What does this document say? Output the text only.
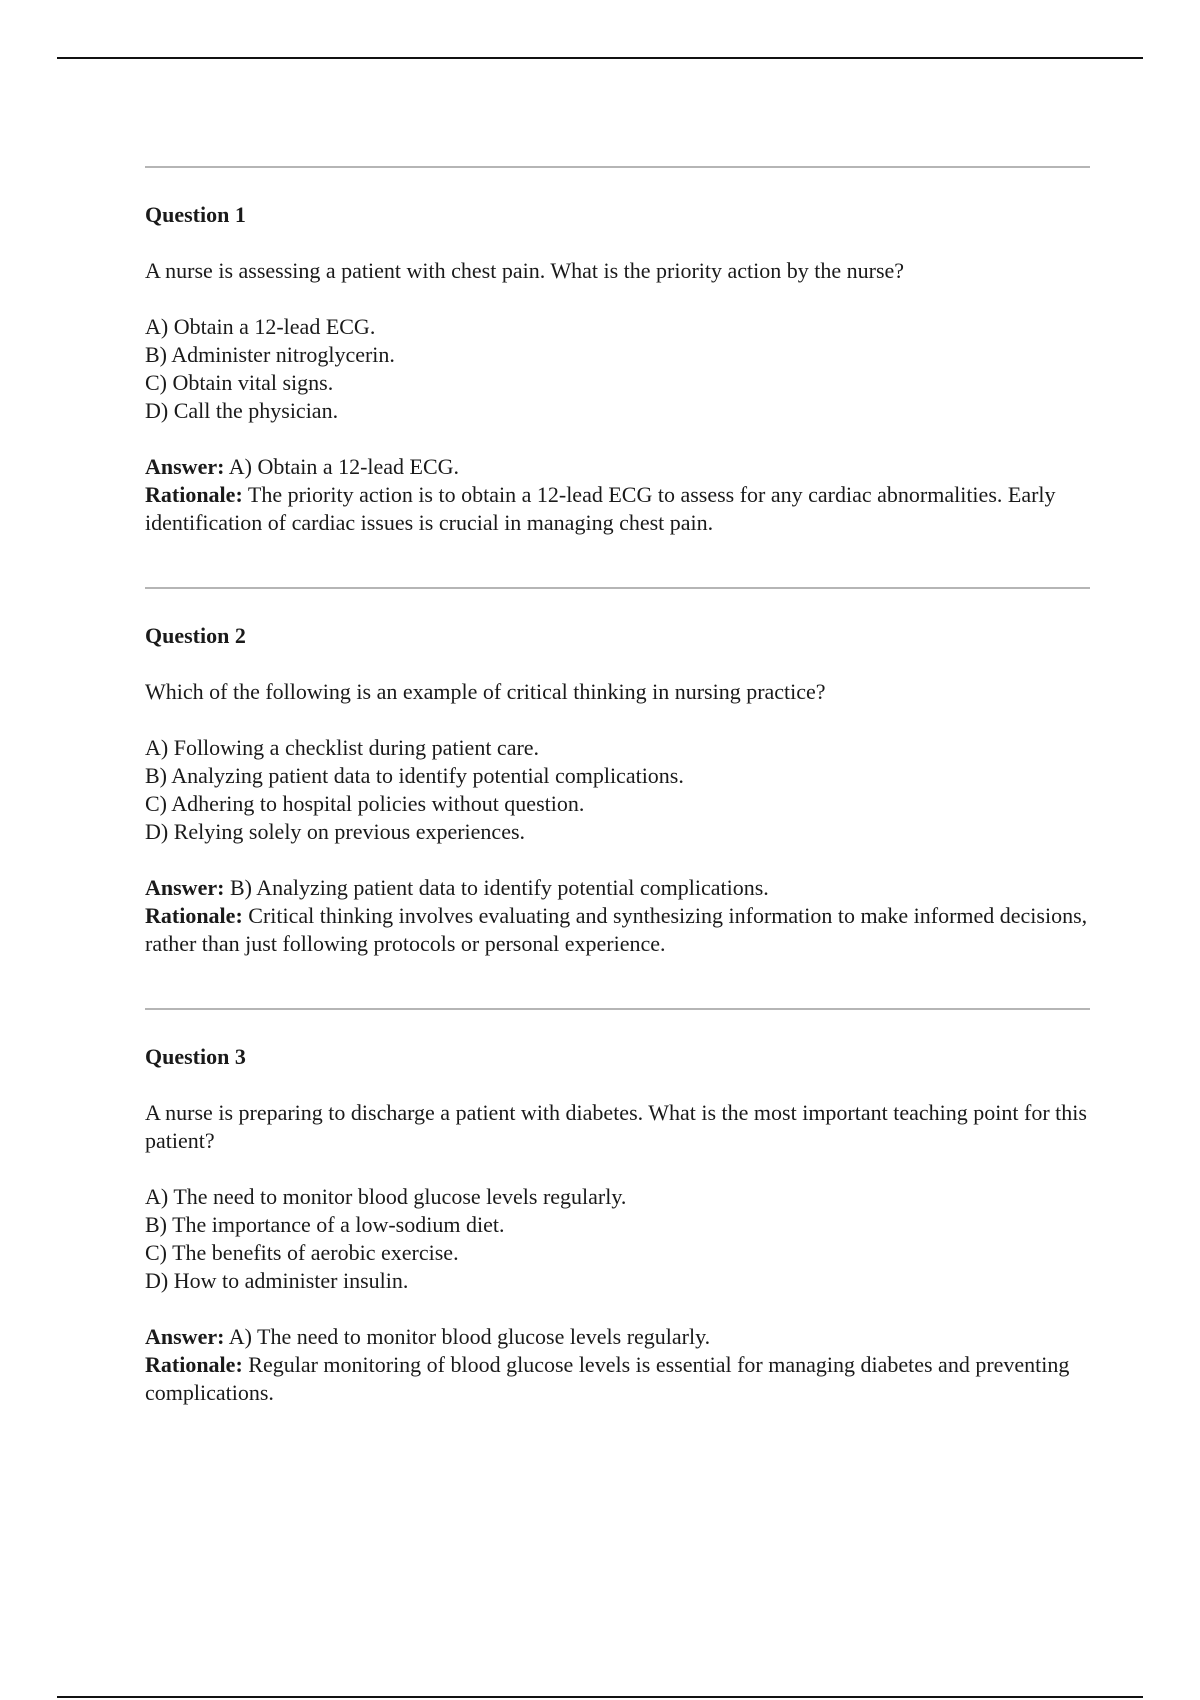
Question 1

A nurse is assessing a patient with chest pain. What is the priority action by the nurse?

A) Obtain a 12-lead ECG.
B) Administer nitroglycerin.
C) Obtain vital signs.
D) Call the physician.

Answer: A) Obtain a 12-lead ECG.

Rationale: The priority action is to obtain a 12-lead ECG to assess for any cardiac abnormalities. Early identification of cardiac issues is crucial in managing chest pain.

Question 2

Which of the following is an example of critical thinking in nursing practice?

A) Following a checklist during patient care.
B) Analyzing patient data to identify potential complications.
C) Adhering to hospital policies without question.
D) Relying solely on previous experiences.

Answer: B) Analyzing patient data to identify potential complications.

Rationale: Critical thinking involves evaluating and synthesizing information to make informed decisions, rather than just following protocols or personal experience.

Question 3

A nurse is preparing to discharge a patient with diabetes. What is the most important teaching point for this patient?

A) The need to monitor blood glucose levels regularly.
B) The importance of a low-sodium diet.
C) The benefits of aerobic exercise.
D) How to administer insulin.

Answer: A) The need to monitor blood glucose levels regularly.

Rationale: Regular monitoring of blood glucose levels is essential for managing diabetes and preventing complications.
